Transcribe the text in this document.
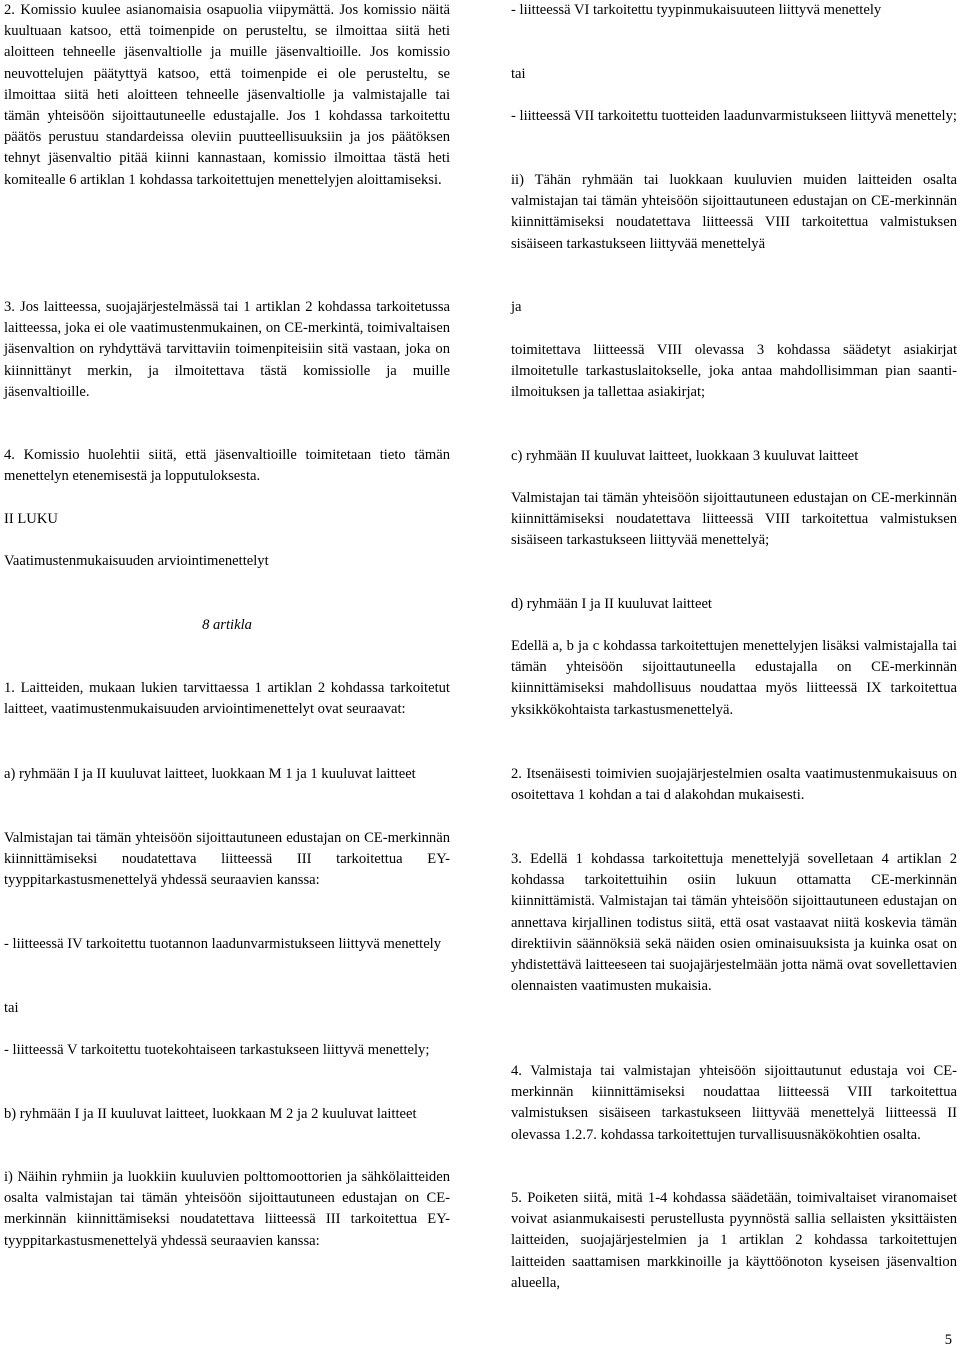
2. Komissio kuulee asianomaisia osapuolia viipymättä. Jos komissio näitä kuultuaan katsoo, että toimenpide on perusteltu, se ilmoittaa siitä heti aloitteen tehneelle jäsenvaltiolle ja muille jäsenvaltioille. Jos komissio neuvottelujen päätyttyä katsoo, että toimenpide ei ole perusteltu, se ilmoittaa siitä heti aloitteen tehneelle jäsenvaltiolle ja valmistajalle tai tämän yhteisöön sijoittautuneelle edustajalle. Jos 1 kohdassa tarkoitettu päätös perustuu standardeissa oleviin puutteellisuuksiin ja jos päätöksen tehnyt jäsenvaltio pitää kiinni kannastaan, komissio ilmoittaa tästä heti komitealle 6 artiklan 1 kohdassa tarkoitettujen menettelyjen aloittamiseksi.

3. Jos laitteessa, suojajärjestelmässä tai 1 artiklan 2 kohdassa tarkoitetussa laitteessa, joka ei ole vaatimustenmukainen, on CE-merkintä, toimivaltaisen jäsenvaltion on ryhdyttävä tarvittaviin toimenpiteisiin sitä vastaan, joka on kiinnittänyt merkin, ja ilmoitettava tästä komissiolle ja muille jäsenvaltioille.

4. Komissio huolehtii siitä, että jäsenvaltioille toimitetaan tieto tämän menettelyn etenemisestä ja lopputuloksesta.

II LUKU

Vaatimustenmukaisuuden arviointimenettelyt

8 artikla

1. Laitteiden, mukaan lukien tarvittaessa 1 artiklan 2 kohdassa tarkoitetut laitteet, vaatimustenmukaisuuden arviointimenettelyt ovat seuraavat:

a) ryhmään I ja II kuuluvat laitteet, luokkaan M 1 ja 1 kuuluvat laitteet

Valmistajan tai tämän yhteisöön sijoittautuneen edustajan on CE-merkinnän kiinnittämiseksi noudatettava liitteessä III tarkoitettua EY-tyyppitarkastusmenettelyä yhdessä seuraavien kanssa:

- liitteessä IV tarkoitettu tuotannon laadunvarmistukseen liittyvä menettely

tai

- liitteessä V tarkoitettu tuotekohtaiseen tarkastukseen liittyvä menettely;

b) ryhmään I ja II kuuluvat laitteet, luokkaan M 2 ja 2 kuuluvat laitteet

i) Näihin ryhmiin ja luokkiin kuuluvien polttomoottorien ja sähkölaitteiden osalta valmistajan tai tämän yhteisöön sijoittautuneen edustajan on CE-merkinnän kiinnittämiseksi noudatettava liitteessä III tarkoitettua EY-tyyppitarkastusmenettelyä yhdessä seuraavien kanssa:

- liitteessä VI tarkoitettu tyypinmukaisuuteen liittyvä menettely

tai

- liitteessä VII tarkoitettu tuotteiden laadunvarmistukseen liittyvä menettely;

ii) Tähän ryhmään tai luokkaan kuuluvien muiden laitteiden osalta valmistajan tai tämän yhteisöön sijoittautuneen edustajan on CE-merkinnän kiinnittämiseksi noudatettava liitteessä VIII tarkoitettua valmistuksen sisäiseen tarkastukseen liittyvää menettelyä

ja

toimitettava liitteessä VIII olevassa 3 kohdassa säädetyt asiakirjat ilmoitetulle tarkastuslaitokselle, joka antaa mahdollisimman pian saanti-ilmoituksen ja tallettaa asiakirjat;

c) ryhmään II kuuluvat laitteet, luokkaan 3 kuuluvat laitteet

Valmistajan tai tämän yhteisöön sijoittautuneen edustajan on CE-merkinnän kiinnittämiseksi noudatettava liitteessä VIII tarkoitettua valmistuksen sisäiseen tarkastukseen liittyvää menettelyä;

d) ryhmään I ja II kuuluvat laitteet

Edellä a, b ja c kohdassa tarkoitettujen menettelyjen lisäksi valmistajalla tai tämän yhteisöön sijoittautuneella edustajalla on CE-merkinnän kiinnittämiseksi mahdollisuus noudattaa myös liitteessä IX tarkoitettua yksikkökohtaista tarkastusmenettelyä.

2. Itsenäisesti toimivien suojajärjestelmien osalta vaatimustenmukaisuus on osoitettava 1 kohdan a tai d alakohdan mukaisesti.

3. Edellä 1 kohdassa tarkoitettuja menettelyjä sovelletaan 4 artiklan 2 kohdassa tarkoitettuihin osiin lukuun ottamatta CE-merkinnän kiinnittämistä. Valmistajan tai tämän yhteisöön sijoittautuneen edustajan on annettava kirjallinen todistus siitä, että osat vastaavat niitä koskevia tämän direktiivin säännöksiä sekä näiden osien ominaisuuksista ja kuinka osat on yhdistettävä laitteeseen tai suojajärjestelmään jotta nämä ovat sovellettavien olennaisten vaatimusten mukaisia.

4. Valmistaja tai valmistajan yhteisöön sijoittautunut edustaja voi CE-merkinnän kiinnittämiseksi noudattaa liitteessä VIII tarkoitettua valmistuksen sisäiseen tarkastukseen liittyvää menettelyä liitteessä II olevassa 1.2.7. kohdassa tarkoitettujen turvallisuusnäkökohtien osalta.

5. Poiketen siitä, mitä 1-4 kohdassa säädetään, toimivaltaiset viranomaiset voivat asianmukaisesti perustellusta pyynnöstä sallia sellaisten yksittäisten laitteiden, suojajärjestelmien ja 1 artiklan 2 kohdassa tarkoitettujen laitteiden saattamisen markkinoille ja käyttöönoton kyseisen jäsenvaltion alueella,

5
